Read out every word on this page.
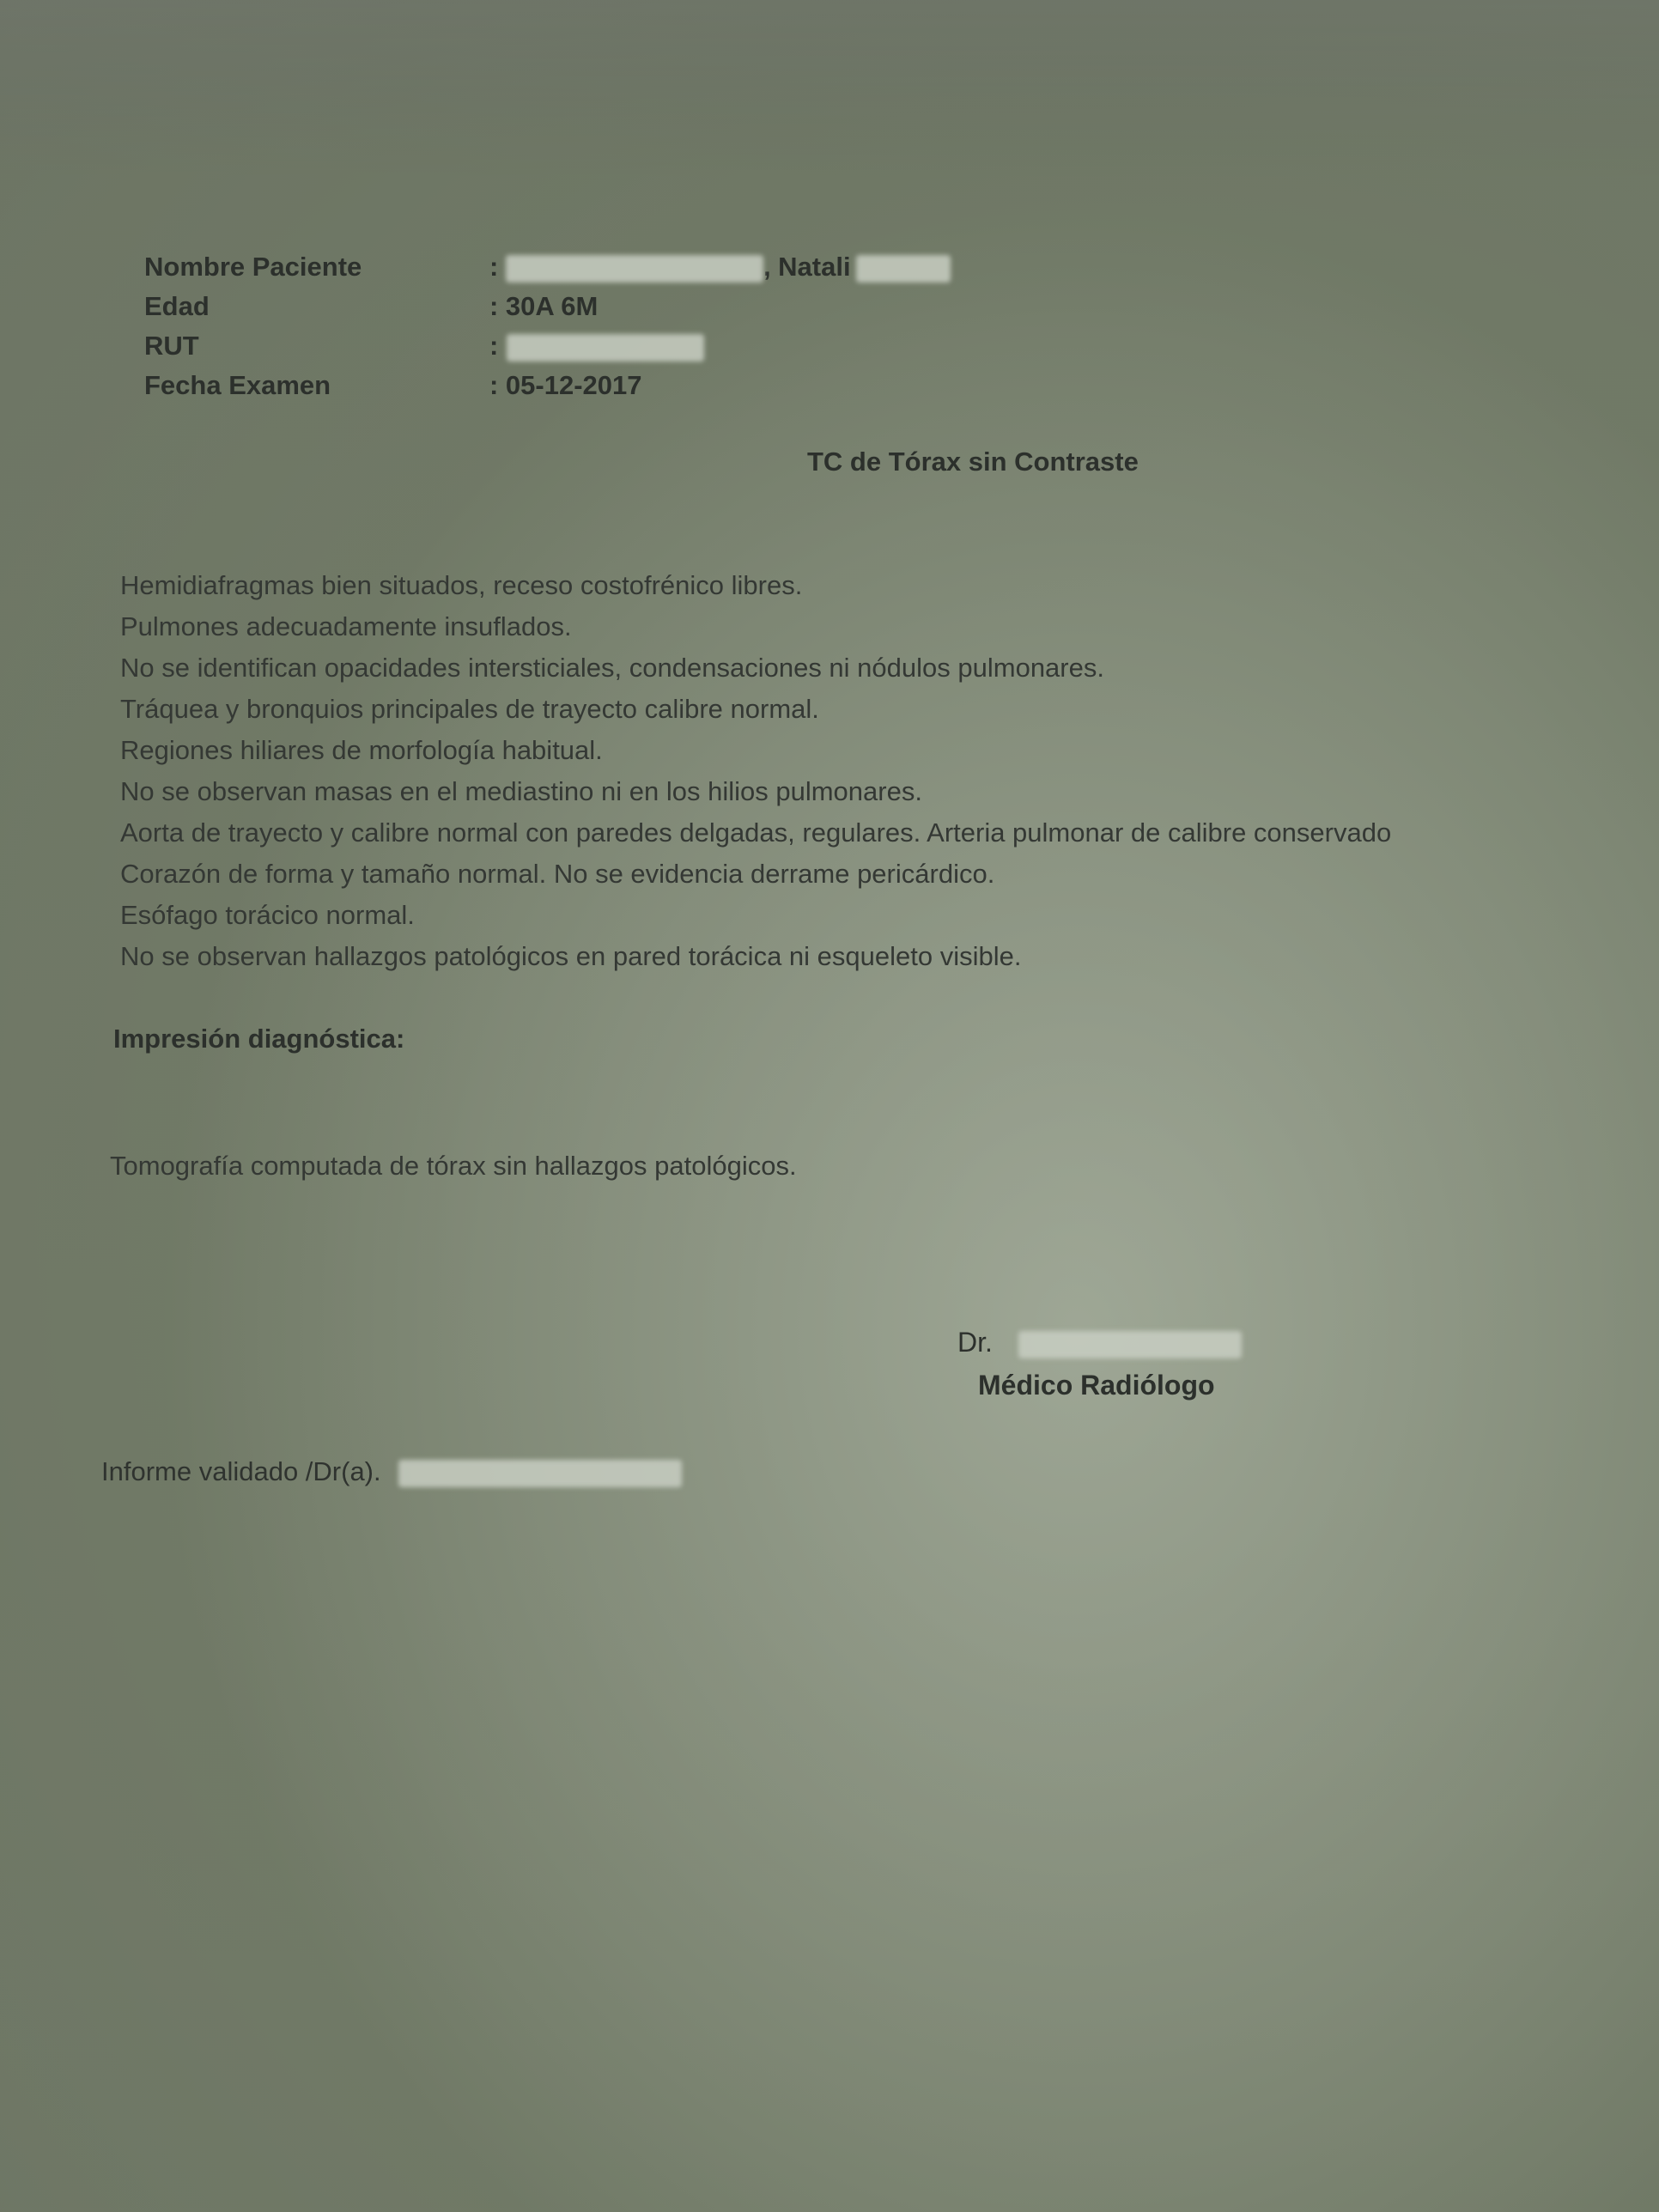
Nombre Paciente	:	, Natali
Edad	: 30A 6M
RUT	:
Fecha Examen	: 05-12-2017
TC de Tórax sin Contraste
Hemidiafragmas bien situados, receso costofrénico libres.
Pulmones adecuadamente insuflados.
No se identifican opacidades intersticiales, condensaciones ni nódulos pulmonares.
Tráquea y bronquios principales de trayecto calibre normal.
Regiones hiliares de morfología habitual.
No se observan masas en el mediastino ni en los hilios pulmonares.
Aorta de trayecto y calibre normal con paredes delgadas, regulares. Arteria pulmonar de calibre conservado
Corazón de forma y tamaño normal. No se evidencia derrame pericárdico.
Esófago torácico normal.
No se observan hallazgos patológicos en pared torácica ni esqueleto visible.
Impresión diagnóstica:
Tomografía computada de tórax sin hallazgos patológicos.
Dr.
Médico Radiólogo
Informe validado /Dr(a).
